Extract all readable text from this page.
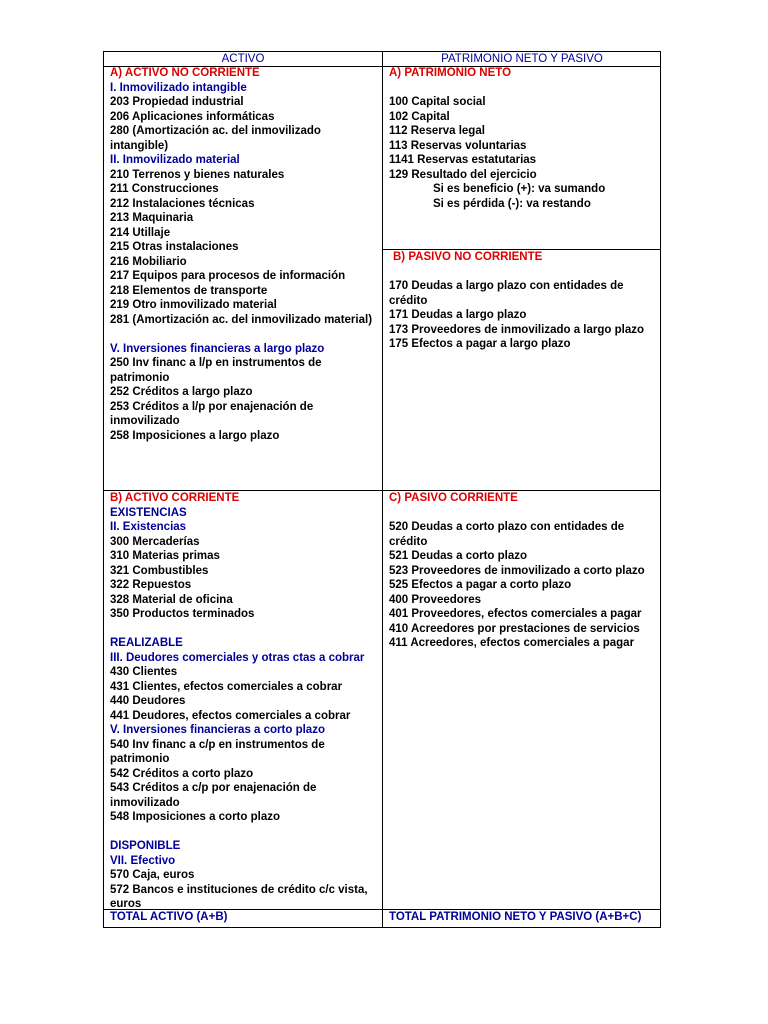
ACTIVO	PATRIMONIO NETO Y PASIVO
A) ACTIVO NO CORRIENTE
I. Inmovilizado intangible
203 Propiedad industrial
206 Aplicaciones informáticas
280 (Amortización ac. del inmovilizado
intangible)
II. Inmovilizado material
210 Terrenos y bienes naturales
211 Construcciones
212 Instalaciones técnicas
213 Maquinaria
214 Utillaje
215 Otras instalaciones
216 Mobiliario
217 Equipos para procesos de información
218 Elementos de transporte
219 Otro inmovilizado material
281 (Amortización ac. del inmovilizado material)
V. Inversiones financieras a largo plazo
250 Inv financ a l/p en instrumentos de
patrimonio
252 Créditos a largo plazo
253 Créditos a l/p por enajenación de
inmovilizado
258 Imposiciones a largo plazo
A) PATRIMONIO NETO
100 Capital social
102 Capital
112 Reserva legal
113 Reservas voluntarias
1141 Reservas estatutarias
129 Resultado del ejercicio
Si es beneficio (+): va sumando
Si es pérdida (-): va restando
B) PASIVO NO CORRIENTE
170 Deudas a largo plazo con entidades de
crédito
171 Deudas a largo plazo
173 Proveedores de inmovilizado a largo plazo
175 Efectos a pagar a largo plazo
B) ACTIVO CORRIENTE
EXISTENCIAS
II. Existencias
300 Mercaderías
310 Materias primas
321 Combustibles
322 Repuestos
328 Material de oficina
350 Productos terminados
REALIZABLE
III. Deudores comerciales y otras ctas a cobrar
430 Clientes
431 Clientes, efectos comerciales a cobrar
440 Deudores
441 Deudores, efectos comerciales a cobrar
V. Inversiones financieras a corto plazo
540 Inv financ a c/p en instrumentos de
patrimonio
542 Créditos a corto plazo
543 Créditos a c/p por enajenación de
inmovilizado
548 Imposiciones a corto plazo
DISPONIBLE
VII. Efectivo
570 Caja, euros
572 Bancos e instituciones de crédito c/c vista,
euros
C) PASIVO CORRIENTE
520 Deudas a corto plazo con entidades de
crédito
521 Deudas a corto plazo
523 Proveedores de inmovilizado a corto plazo
525 Efectos a pagar a corto plazo
400 Proveedores
401 Proveedores, efectos comerciales a pagar
410 Acreedores por prestaciones de servicios
411 Acreedores, efectos comerciales a pagar
TOTAL ACTIVO (A+B)	TOTAL PATRIMONIO NETO Y PASIVO (A+B+C)
